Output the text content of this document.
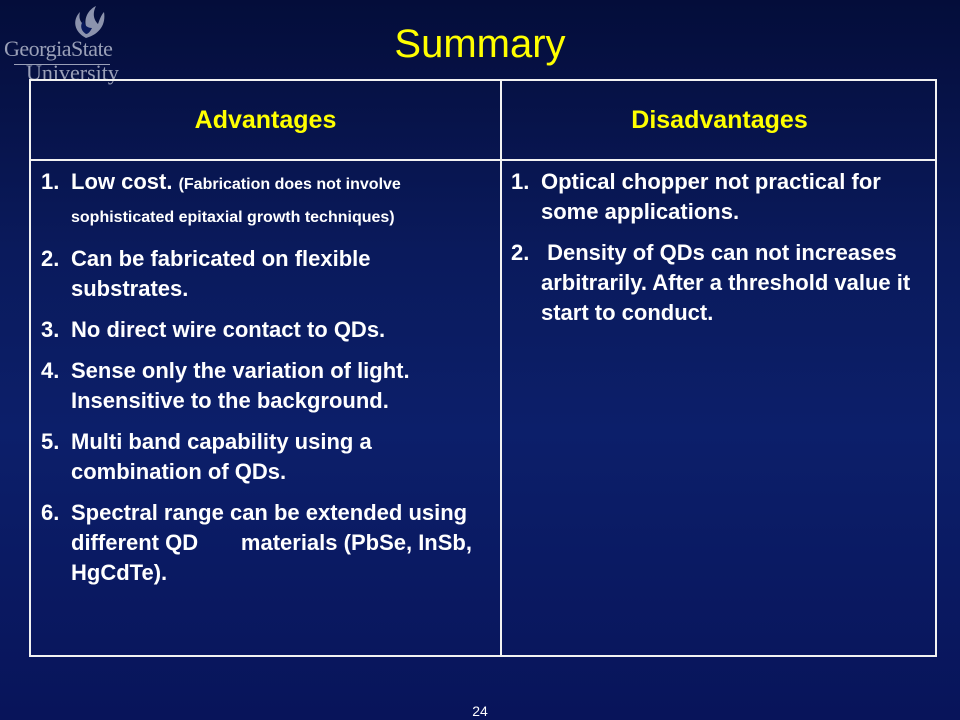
GeorgiaState
University
Summary
Advantages	Disadvantages
1. Low cost. (Fabrication does not involve sophisticated epitaxial growth techniques)
2. Can be fabricated on flexible substrates.
3. No direct wire contact to QDs.
4. Sense only the variation of light. Insensitive to the background.
5. Multi band capability using a combination of QDs.
6. Spectral range can be extended using different QD       materials (PbSe, InSb, HgCdTe).
1. Optical chopper not practical for some applications.
2. Density of QDs can not increases arbitrarily. After a threshold value it start to conduct.
24
